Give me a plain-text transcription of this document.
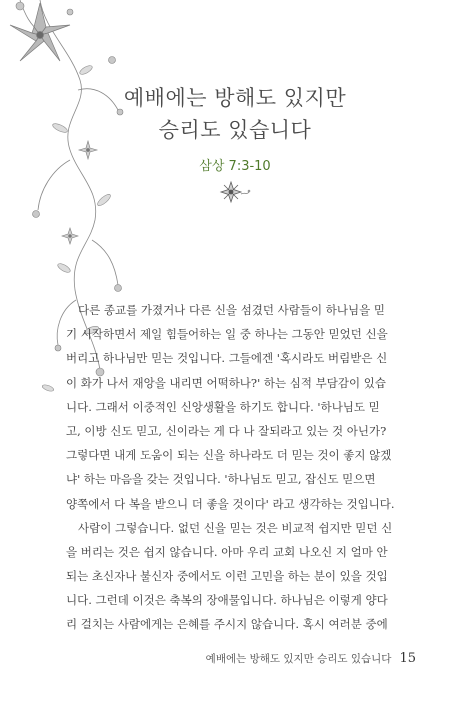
예배에는 방해도 있지만
승리도 있습니다
삼상 7:3-10
다른 종교를 가졌거나 다른 신을 섬겼던 사람들이 하나님을 믿
기 시작하면서 제일 힘들어하는 일 중 하나는 그동안 믿었던 신을
버리고 하나님만 믿는 것입니다. 그들에겐 '혹시라도 버림받은 신
이 화가 나서 재앙을 내리면 어떡하나?' 하는 심적 부담감이 있습
니다. 그래서 이중적인 신앙생활을 하기도 합니다. '하나님도 믿
고, 이방 신도 믿고, 신이라는 게 다 나 잘되라고 있는 것 아닌가?
그렇다면 내게 도움이 되는 신을 하나라도 더 믿는 것이 좋지 않겠
냐' 하는 마음을 갖는 것입니다. '하나님도 믿고, 잡신도 믿으면
양쪽에서 다 복을 받으니 더 좋을 것이다' 라고 생각하는 것입니다.
사람이 그렇습니다. 없던 신을 믿는 것은 비교적 쉽지만 믿던 신
을 버리는 것은 쉽지 않습니다. 아마 우리 교회 나오신 지 얼마 안
되는 초신자나 불신자 중에서도 이런 고민을 하는 분이 있을 것입
니다. 그런데 이것은 축복의 장애물입니다. 하나님은 이렇게 양다
리 걸치는 사람에게는 은혜를 주시지 않습니다. 혹시 여러분 중에
예배에는 방해도 있지만 승리도 있습니다 15
